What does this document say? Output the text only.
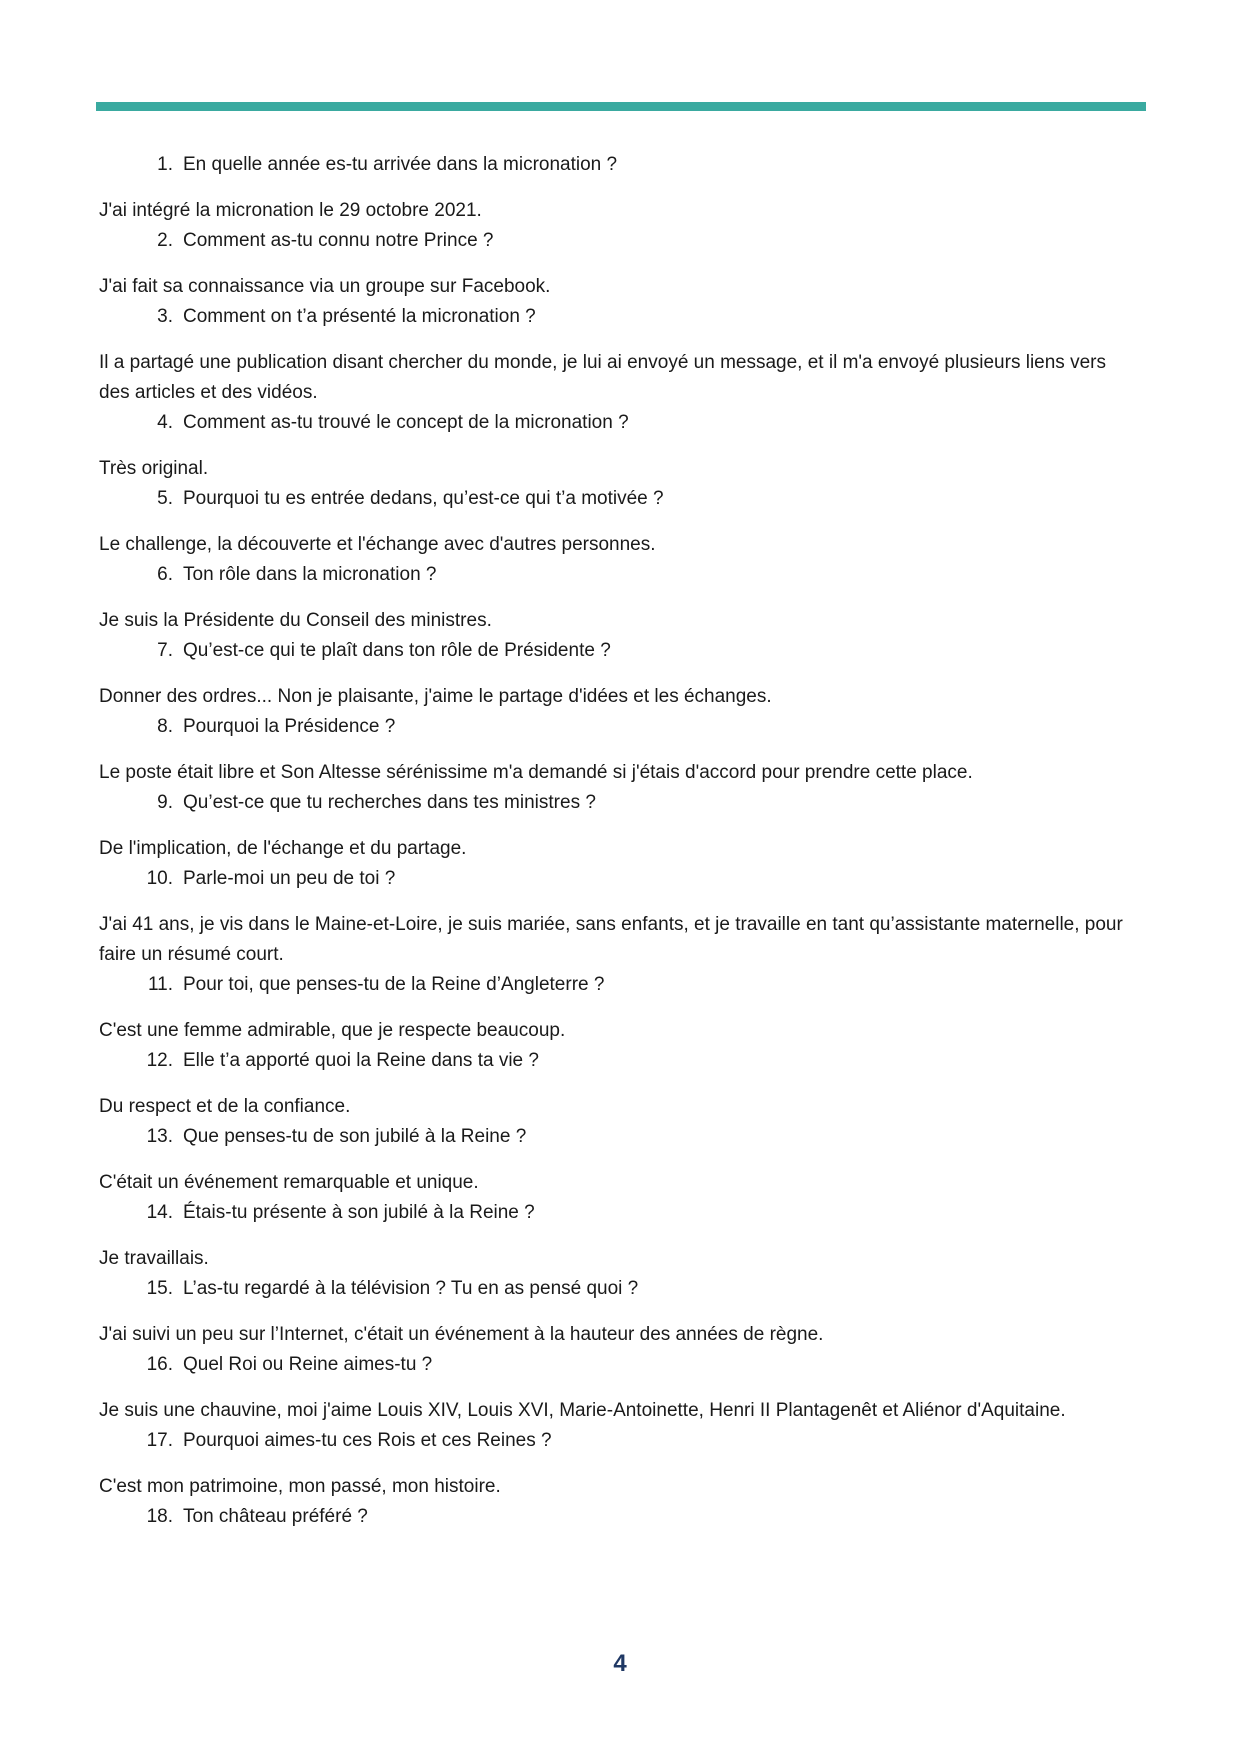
1. En quelle année es-tu arrivée dans la micronation ?
J'ai intégré la micronation le 29 octobre 2021.
2. Comment as-tu connu notre Prince ?
J'ai fait sa connaissance via un groupe sur Facebook.
3. Comment on t’a présenté la micronation ?
Il a partagé une publication disant chercher du monde, je lui ai envoyé un message, et il m'a envoyé plusieurs liens vers des articles et des vidéos.
4. Comment as-tu trouvé le concept de la micronation ?
Très original.
5. Pourquoi tu es entrée dedans, qu’est-ce qui t’a motivée ?
Le challenge, la découverte et l'échange avec d'autres personnes.
6. Ton rôle dans la micronation ?
Je suis la Présidente du Conseil des ministres.
7. Qu’est-ce qui te plaît dans ton rôle de Présidente ?
Donner des ordres... Non je plaisante, j'aime le partage d'idées et les échanges.
8. Pourquoi la Présidence ?
Le poste était libre et Son Altesse sérénissime m'a demandé si j'étais d'accord pour prendre cette place.
9. Qu’est-ce que tu recherches dans tes ministres ?
De l'implication, de l'échange et du partage.
10. Parle-moi un peu de toi ?
J'ai 41 ans, je vis dans le Maine-et-Loire, je suis mariée, sans enfants, et je travaille en tant qu’assistante maternelle, pour faire un résumé court.
11. Pour toi, que penses-tu de la Reine d’Angleterre ?
C'est une femme admirable, que je respecte beaucoup.
12. Elle t’a apporté quoi la Reine dans ta vie ?
Du respect et de la confiance.
13. Que penses-tu de son jubilé à la Reine ?
C'était un événement remarquable et unique.
14. Étais-tu présente à son jubilé à la Reine ?
Je travaillais.
15. L’as-tu regardé à la télévision ? Tu en as pensé quoi ?
J'ai suivi un peu sur l’Internet, c'était un événement à la hauteur des années de règne.
16. Quel Roi ou Reine aimes-tu ?
Je suis une chauvine, moi j'aime Louis XIV, Louis XVI, Marie-Antoinette, Henri II Plantagenêt et Aliénor d'Aquitaine.
17. Pourquoi aimes-tu ces Rois et ces Reines ?
C'est mon patrimoine, mon passé, mon histoire.
18. Ton château préféré ?
4
